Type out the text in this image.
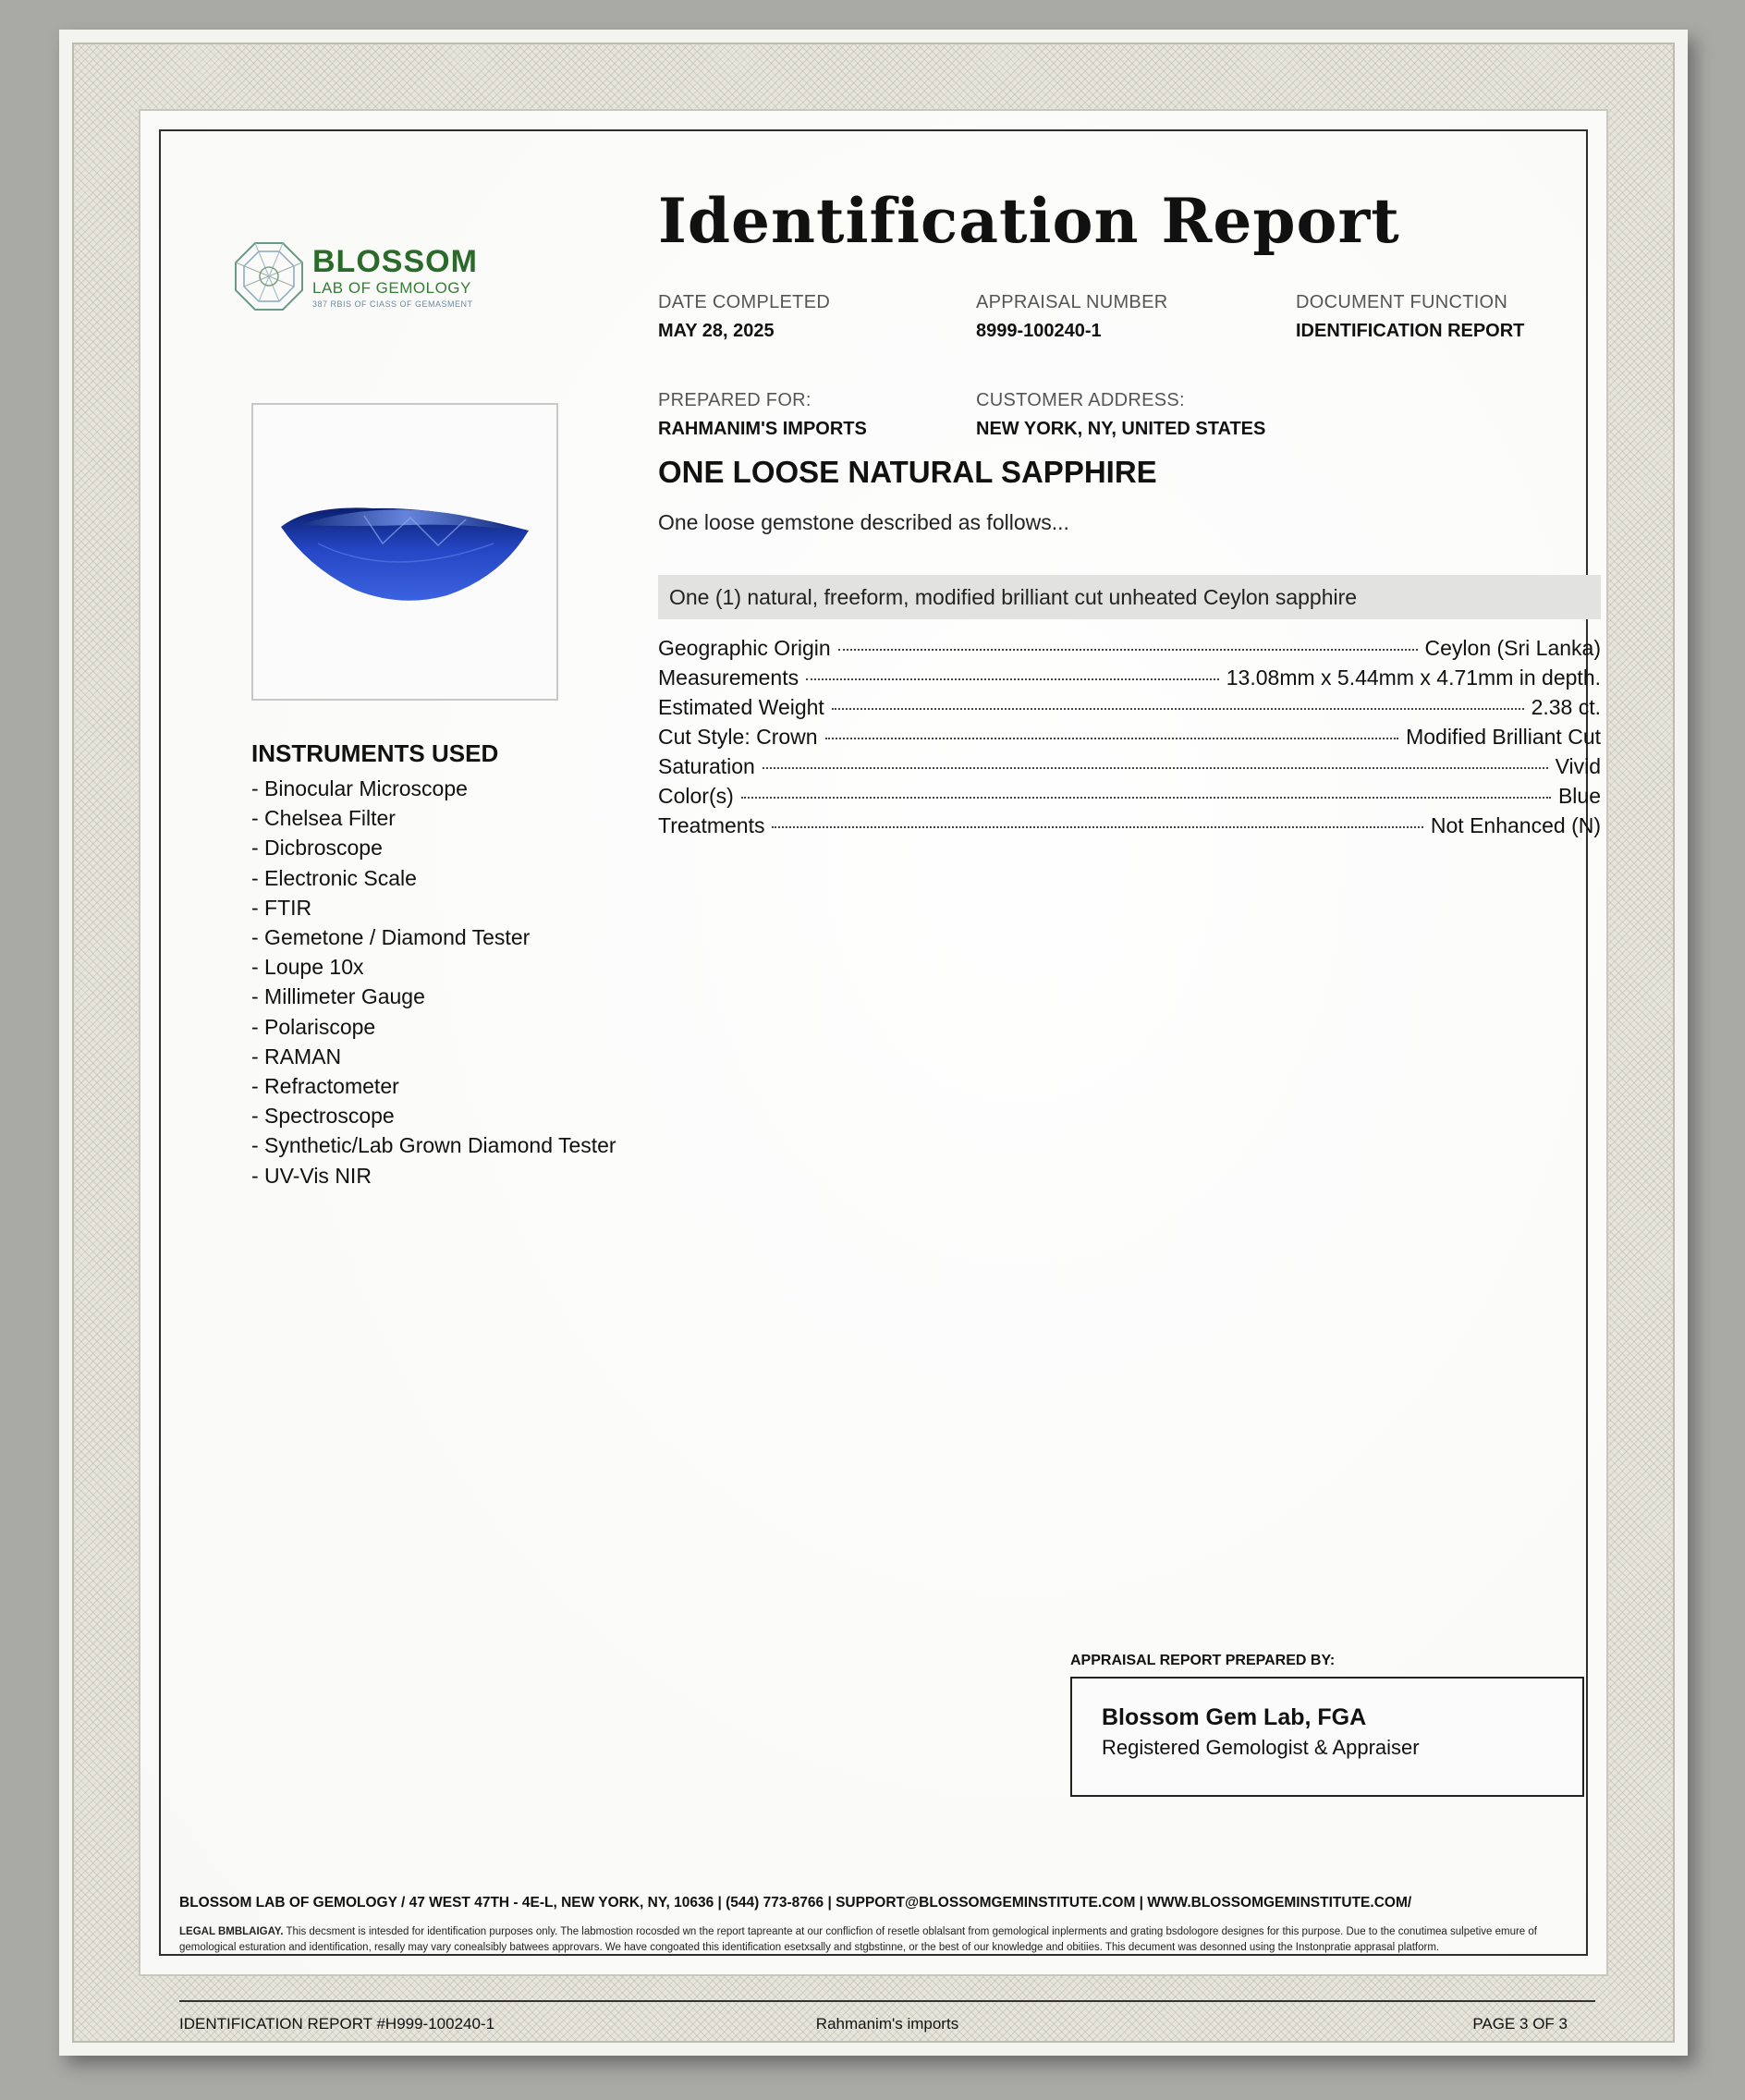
Identification Report
BLOSSOM
LAB OF GEMOLOGY
387 RBIS OF CIASS OF GEMASMENT	DATE COMPLETED
MAY 28, 2025
APPRAISAL NUMBER
8999-100240-1
DOCUMENT FUNCTION
IDENTIFICATION REPORT
PREPARED FOR:
RAHMANIM'S IMPORTS
CUSTOMER ADDRESS:
NEW YORK, NY, UNITED STATES
ONE LOOSE NATURAL SAPPHIRE
One loose gemstone described as follows...
One (1) natural, freeform, modified brilliant cut unheated Ceylon sapphire
Geographic Origin	Ceylon (Sri Lanka)
Measurements	13.08mm x 5.44mm x 4.71mm in depth.
Estimated Weight	2.38 ct.
Cut Style: Crown	Modified Brilliant Cut
Saturation	Vivid
Color(s)	Blue
Treatments	Not Enhanced (N)
INSTRUMENTS USED
- Binocular Microscope
- Chelsea Filter
- Dicbroscope
- Electronic Scale
- FTIR
- Gemetone / Diamond Tester
- Loupe 10x
- Millimeter Gauge
- Polariscope
- RAMAN
- Refractometer
- Spectroscope
- Synthetic/Lab Grown Diamond Tester
- UV-Vis NIR
APPRAISAL REPORT PREPARED BY:
Blossom Gem Lab, FGA
Registered Gemologist & Appraiser
BLOSSOM LAB OF GEMOLOGY / 47 WEST 47TH - 4E-L, NEW YORK, NY, 10636 | (544) 773-8766 | SUPPORT@BLOSSOMGEMINSTITUTE.COM | WWW.BLOSSOMGEMINSTITUTE.COM/
LEGAL BMBLAIGAY. This decsment is intesded for identification purposes only. The labmostion rocosded wn the report tapreante at our conflicfion of resetle oblalsant from gemological inplerments and grating bsdologore designes for this purpose. Due to the conutimea sulpetive emure of gemological esturation and identification, resally may vary conealsibly batwees approvars. We have congoated this identification esetxsally and stgbstinne, or the best of our knowledge and obitiies. This decument was desonned using the Instonpratie apprasal platform.
IDENTIFICATION REPORT #H999-100240-1	Rahmanim's imports	PAGE 3 OF 3
